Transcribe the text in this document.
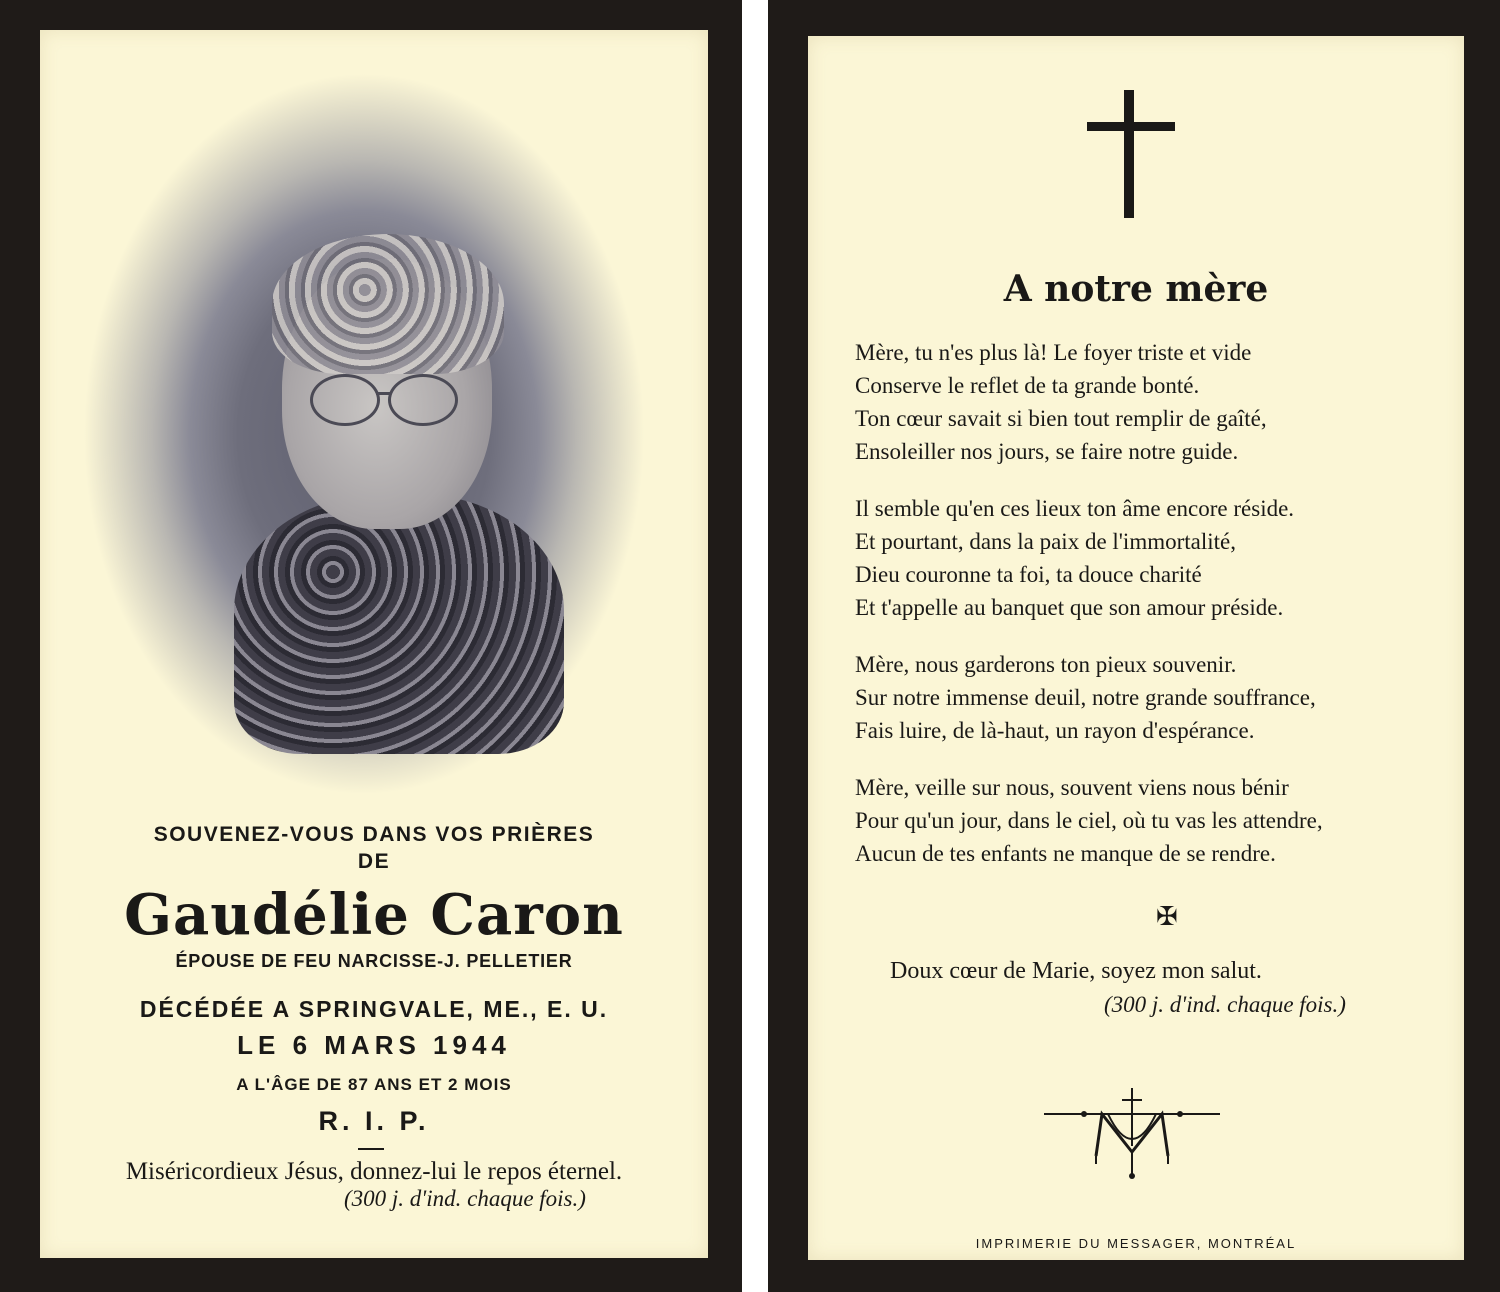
SOUVENEZ-VOUS DANS VOS PRIÈRES

DE

Gaudélie Caron

ÉPOUSE DE FEU NARCISSE-J. PELLETIER

DÉCÉDÉE A SPRINGVALE, ME., E. U.

LE 6 MARS 1944

A L'ÂGE DE 87 ANS ET 2 MOIS

R. I. P.

Miséricordieux Jésus, donnez-lui le repos éternel.

(300 j. d'ind. chaque fois.)

A notre mère

Mère, tu n'es plus là! Le foyer triste et vide
Conserve le reflet de ta grande bonté.
Ton cœur savait si bien tout remplir de gaîté,
Ensoleiller nos jours, se faire notre guide.
Il semble qu'en ces lieux ton âme encore réside.
Et pourtant, dans la paix de l'immortalité,
Dieu couronne ta foi, ta douce charité
Et t'appelle au banquet que son amour préside.
Mère, nous garderons ton pieux souvenir.
Sur notre immense deuil, notre grande souffrance,
Fais luire, de là-haut, un rayon d'espérance.
Mère, veille sur nous, souvent viens nous bénir
Pour qu'un jour, dans le ciel, où tu vas les attendre,
Aucun de tes enfants ne manque de se rendre.
✠

Doux cœur de Marie, soyez mon salut.

(300 j. d'ind. chaque fois.)

IMPRIMERIE DU MESSAGER, MONTRÉAL
